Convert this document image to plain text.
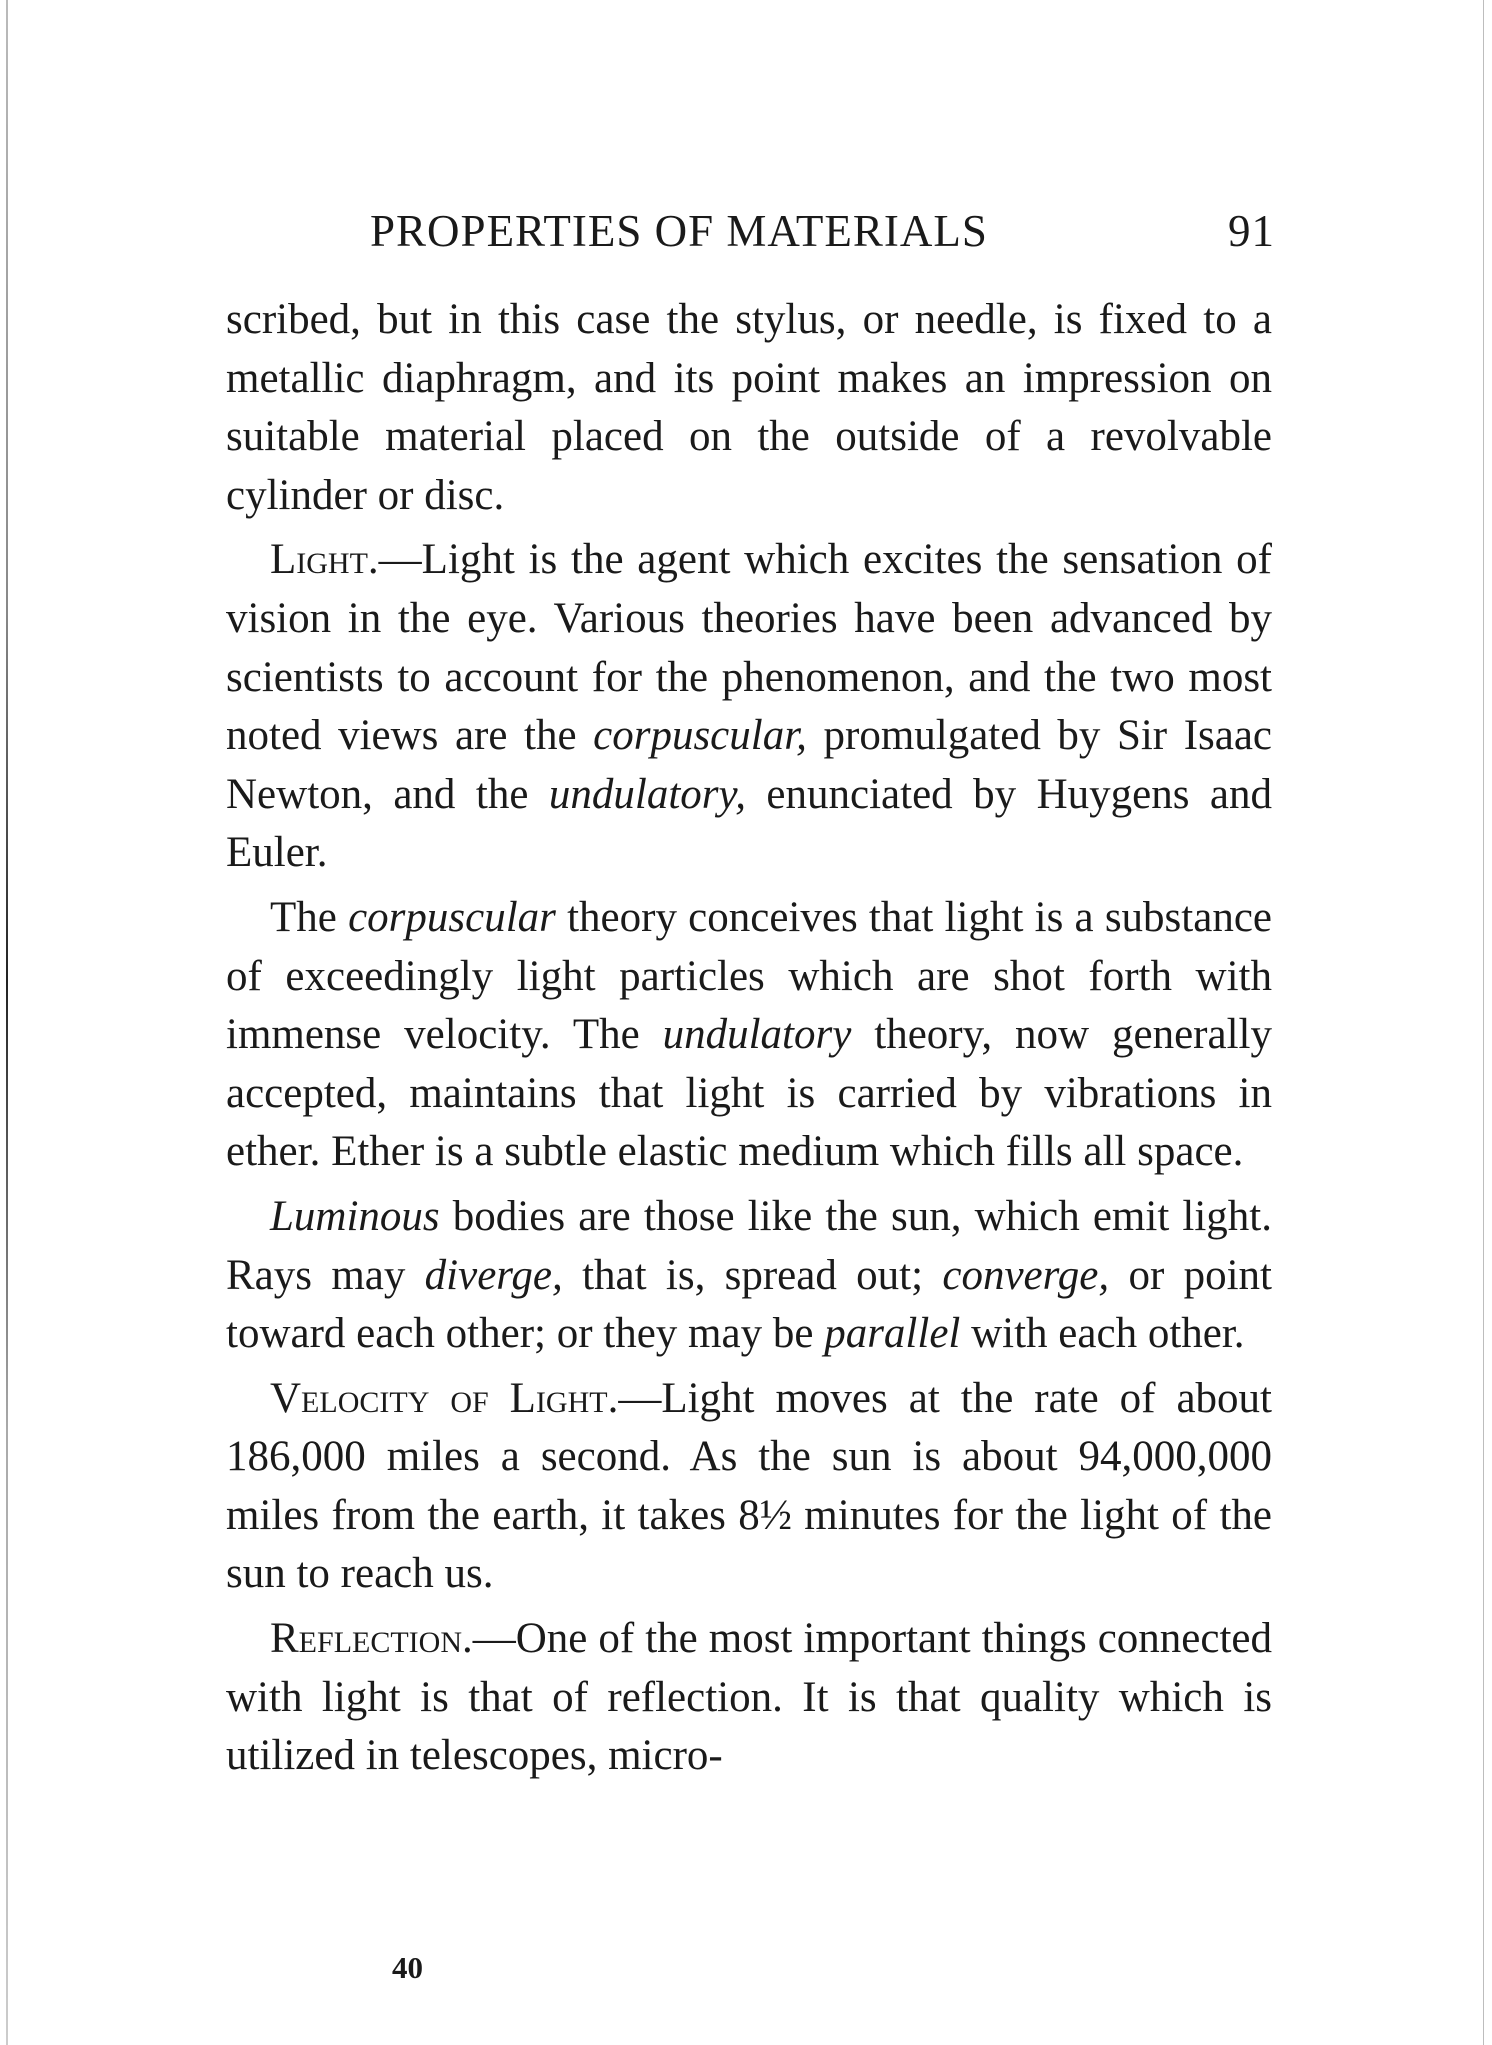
PROPERTIES OF MATERIALS	91

scribed, but in this case the stylus, or needle, is fixed to a metallic diaphragm, and its point makes an impression on suitable material placed on the outside of a revolvable cylinder or disc.

Light.—Light is the agent which excites the sensation of vision in the eye. Various theories have been advanced by scientists to account for the phenomenon, and the two most noted views are the corpuscular, promulgated by Sir Isaac Newton, and the undulatory, enunciated by Huygens and Euler.

The corpuscular theory conceives that light is a substance of exceedingly light particles which are shot forth with immense velocity. The undulatory theory, now generally accepted, maintains that light is carried by vibrations in ether. Ether is a subtle elastic medium which fills all space.

Luminous bodies are those like the sun, which emit light. Rays may diverge, that is, spread out; converge, or point toward each other; or they may be parallel with each other.

Velocity of Light.—Light moves at the rate of about 186,000 miles a second. As the sun is about 94,000,000 miles from the earth, it takes 8½ minutes for the light of the sun to reach us.

Reflection.—One of the most important things connected with light is that of reflection. It is that quality which is utilized in telescopes, micro-

40
